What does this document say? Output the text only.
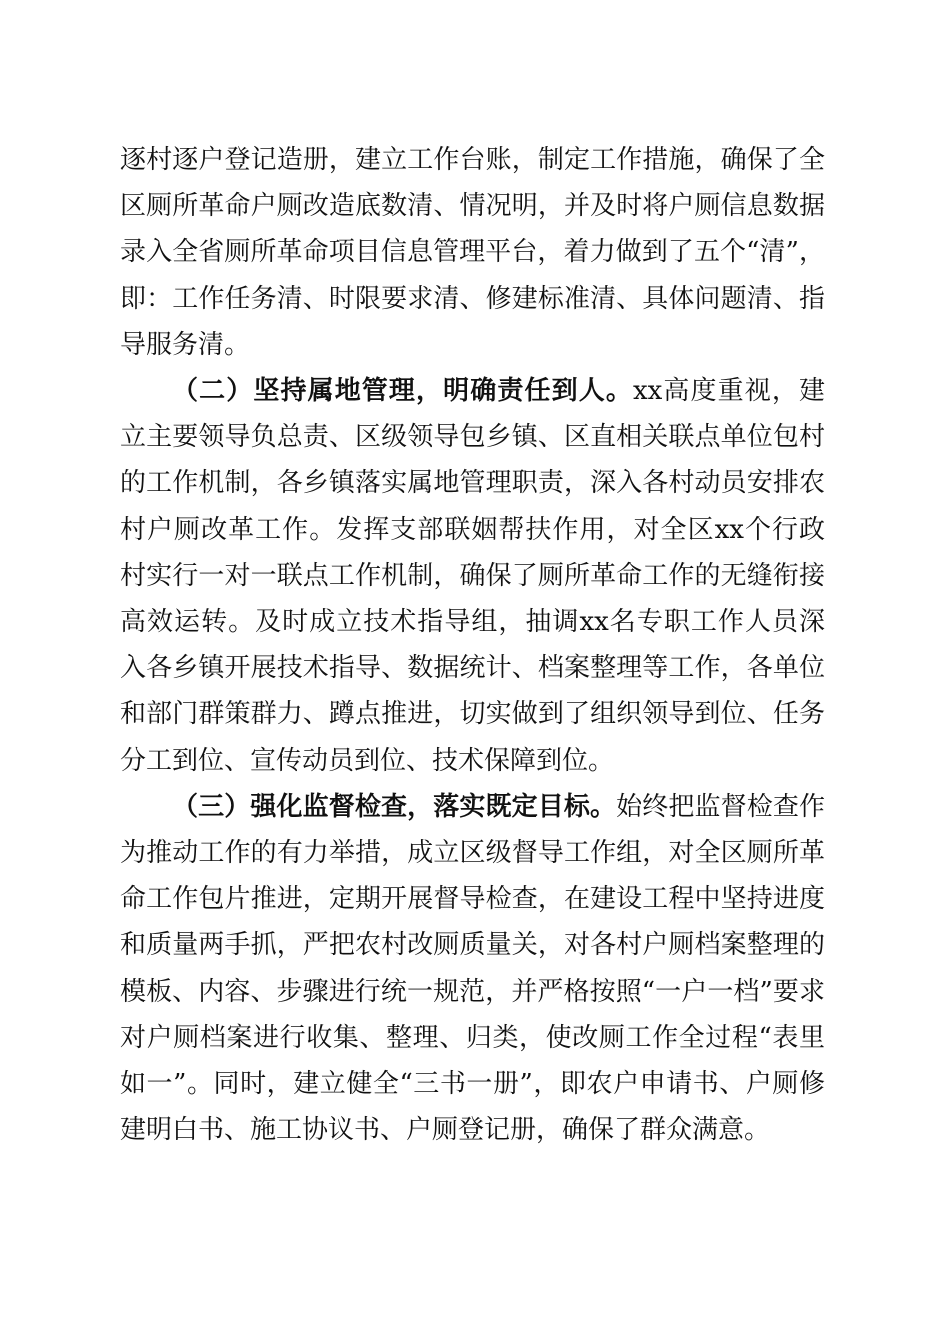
逐村逐户登记造册，建立工作台账，制定工作措施，确保了全区厕所革命户厕改造底数清、情况明，并及时将户厕信息数据录入全省厕所革命项目信息管理平台，着力做到了五个“清”，即：工作任务清、时限要求清、修建标准清、具体问题清、指导服务清。

（二）坚持属地管理，明确责任到人。xx高度重视，建立主要领导负总责、区级领导包乡镇、区直相关联点单位包村的工作机制，各乡镇落实属地管理职责，深入各村动员安排农村户厕改革工作。发挥支部联姻帮扶作用，对全区xx个行政村实行一对一联点工作机制，确保了厕所革命工作的无缝衔接高效运转。及时成立技术指导组，抽调xx名专职工作人员深入各乡镇开展技术指导、数据统计、档案整理等工作，各单位和部门群策群力、蹲点推进，切实做到了组织领导到位、任务分工到位、宣传动员到位、技术保障到位。

（三）强化监督检查，落实既定目标。始终把监督检查作为推动工作的有力举措，成立区级督导工作组，对全区厕所革命工作包片推进，定期开展督导检查，在建设工程中坚持进度和质量两手抓，严把农村改厕质量关，对各村户厕档案整理的模板、内容、步骤进行统一规范，并严格按照“一户一档”要求对户厕档案进行收集、整理、归类，使改厕工作全过程“表里如一”。同时，建立健全“三书一册”，即农户申请书、户厕修建明白书、施工协议书、户厕登记册，确保了群众满意。
